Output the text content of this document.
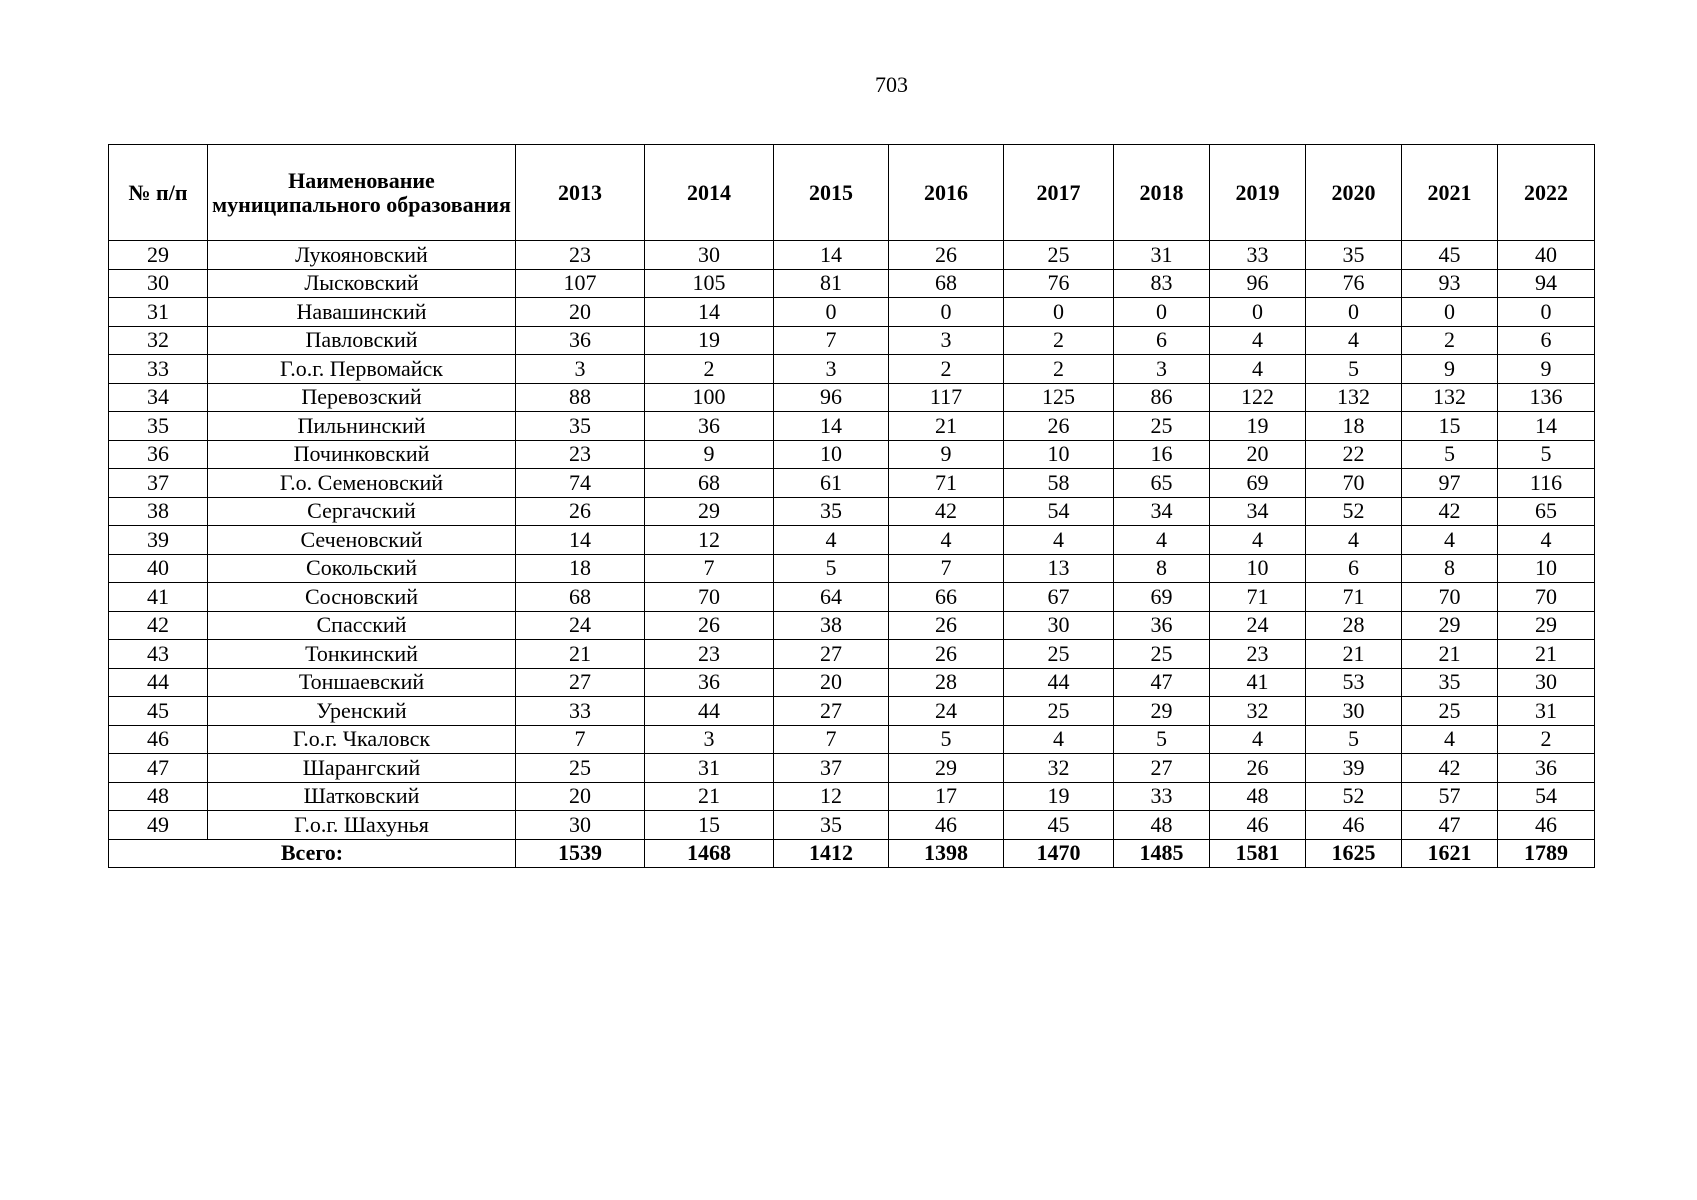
703
№ п/п	Наименование муниципального образования	2013	2014	2015	2016	2017	2018	2019	2020	2021	2022
29	Лукояновский	23	30	14	26	25	31	33	35	45	40
30	Лысковский	107	105	81	68	76	83	96	76	93	94
31	Навашинский	20	14	0	0	0	0	0	0	0	0
32	Павловский	36	19	7	3	2	6	4	4	2	6
33	Г.о.г. Первомайск	3	2	3	2	2	3	4	5	9	9
34	Перевозский	88	100	96	117	125	86	122	132	132	136
35	Пильнинский	35	36	14	21	26	25	19	18	15	14
36	Починковский	23	9	10	9	10	16	20	22	5	5
37	Г.о. Семеновский	74	68	61	71	58	65	69	70	97	116
38	Сергачский	26	29	35	42	54	34	34	52	42	65
39	Сеченовский	14	12	4	4	4	4	4	4	4	4
40	Сокольский	18	7	5	7	13	8	10	6	8	10
41	Сосновский	68	70	64	66	67	69	71	71	70	70
42	Спасский	24	26	38	26	30	36	24	28	29	29
43	Тонкинский	21	23	27	26	25	25	23	21	21	21
44	Тоншаевский	27	36	20	28	44	47	41	53	35	30
45	Уренский	33	44	27	24	25	29	32	30	25	31
46	Г.о.г. Чкаловск	7	3	7	5	4	5	4	5	4	2
47	Шарангский	25	31	37	29	32	27	26	39	42	36
48	Шатковский	20	21	12	17	19	33	48	52	57	54
49	Г.о.г. Шахунья	30	15	35	46	45	48	46	46	47	46
Всего:		1539	1468	1412	1398	1470	1485	1581	1625	1621	1789
